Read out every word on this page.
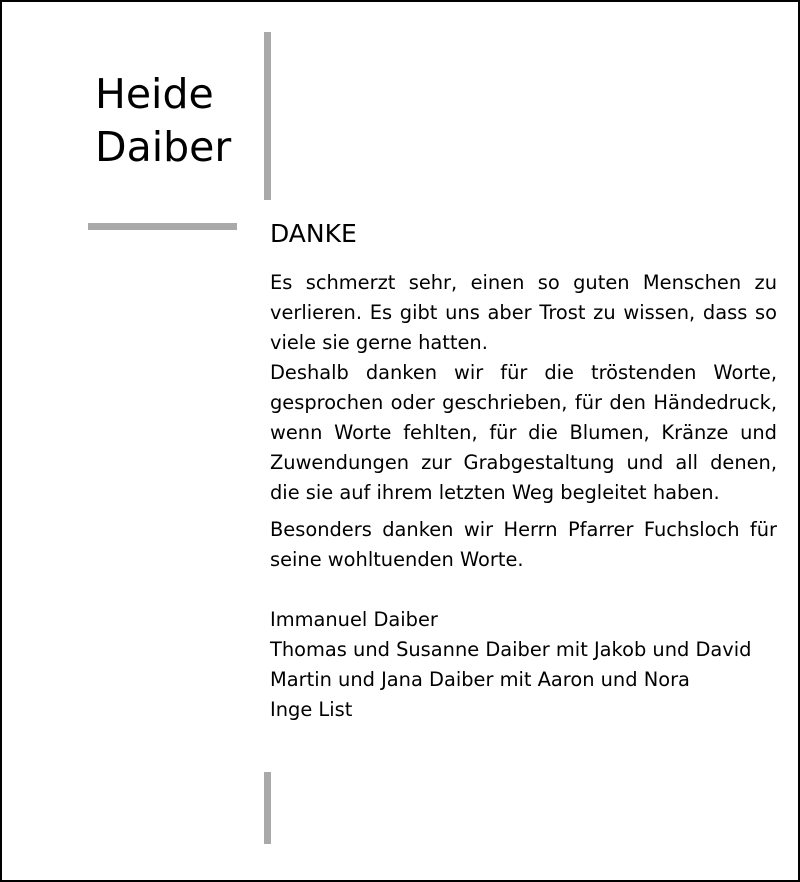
Heide
Daiber
DANKE

Es schmerzt sehr, einen so guten Menschen zu verlieren. Es gibt uns aber Trost zu wissen, dass so viele sie gerne hatten.

Deshalb danken wir für die tröstenden Worte, gesprochen oder geschrieben, für den Händedruck, wenn Worte fehlten, für die Blumen, Kränze und Zuwendungen zur Grabgestaltung und all denen, die sie auf ihrem letzten Weg begleitet haben.

Besonders danken wir Herrn Pfarrer Fuchsloch für seine wohltuenden Worte.

Immanuel Daiber
Thomas und Susanne Daiber mit Jakob und David
Martin und Jana Daiber mit Aaron und Nora
Inge List
